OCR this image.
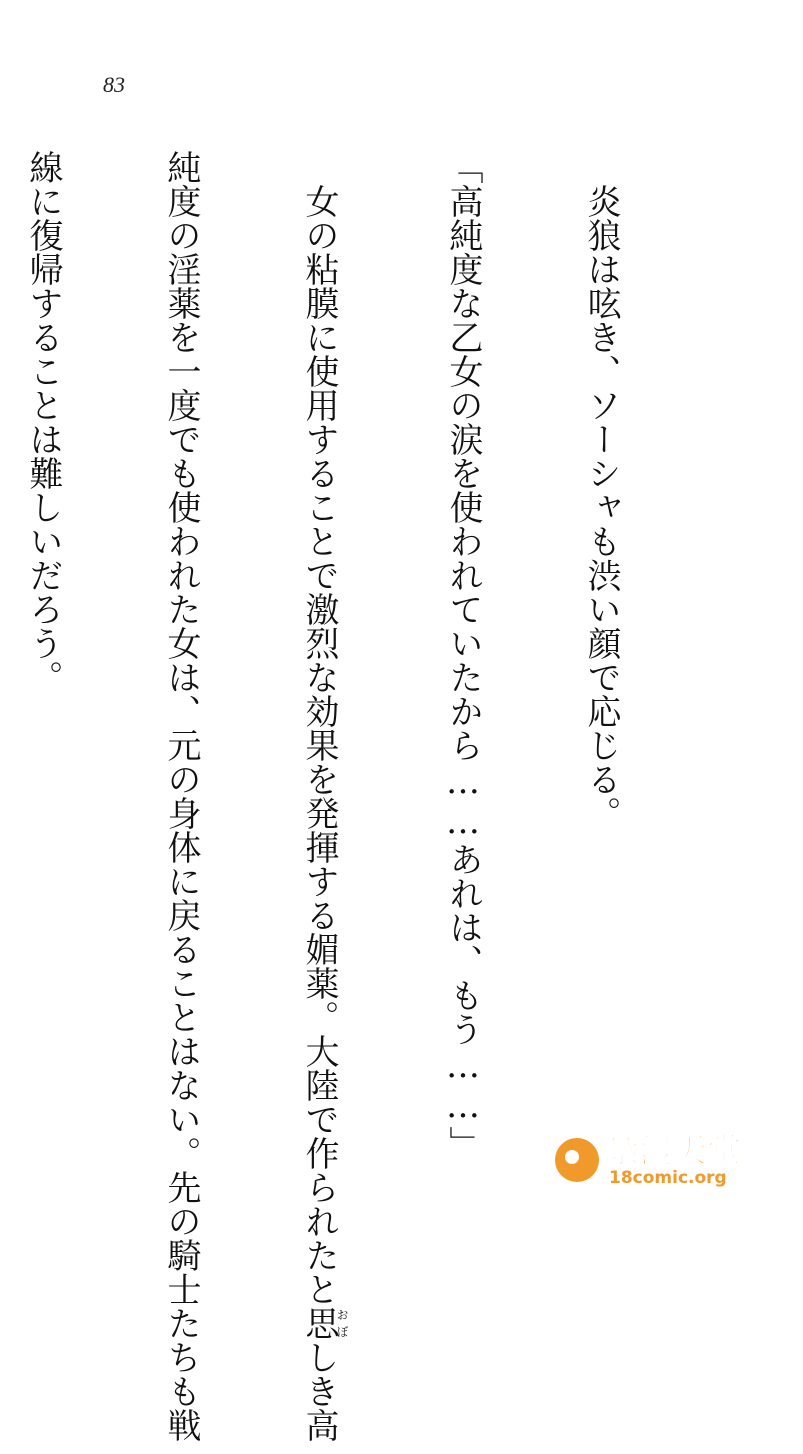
83

　炎狼は呟き、ソーシャも渋い顔で応じる。

「高純度な乙女の涙を使われていたから……あれは、もう……」

　女の粘膜に使用することで激烈な効果を発揮する媚薬。大陸で作られたと思おぼしき高

純度の淫薬を一度でも使われた女は、元の身体に戻ることはない。先の騎士たちも戦

線に復帰することは難しいだろう。

禁漫天堂
18comic.org
